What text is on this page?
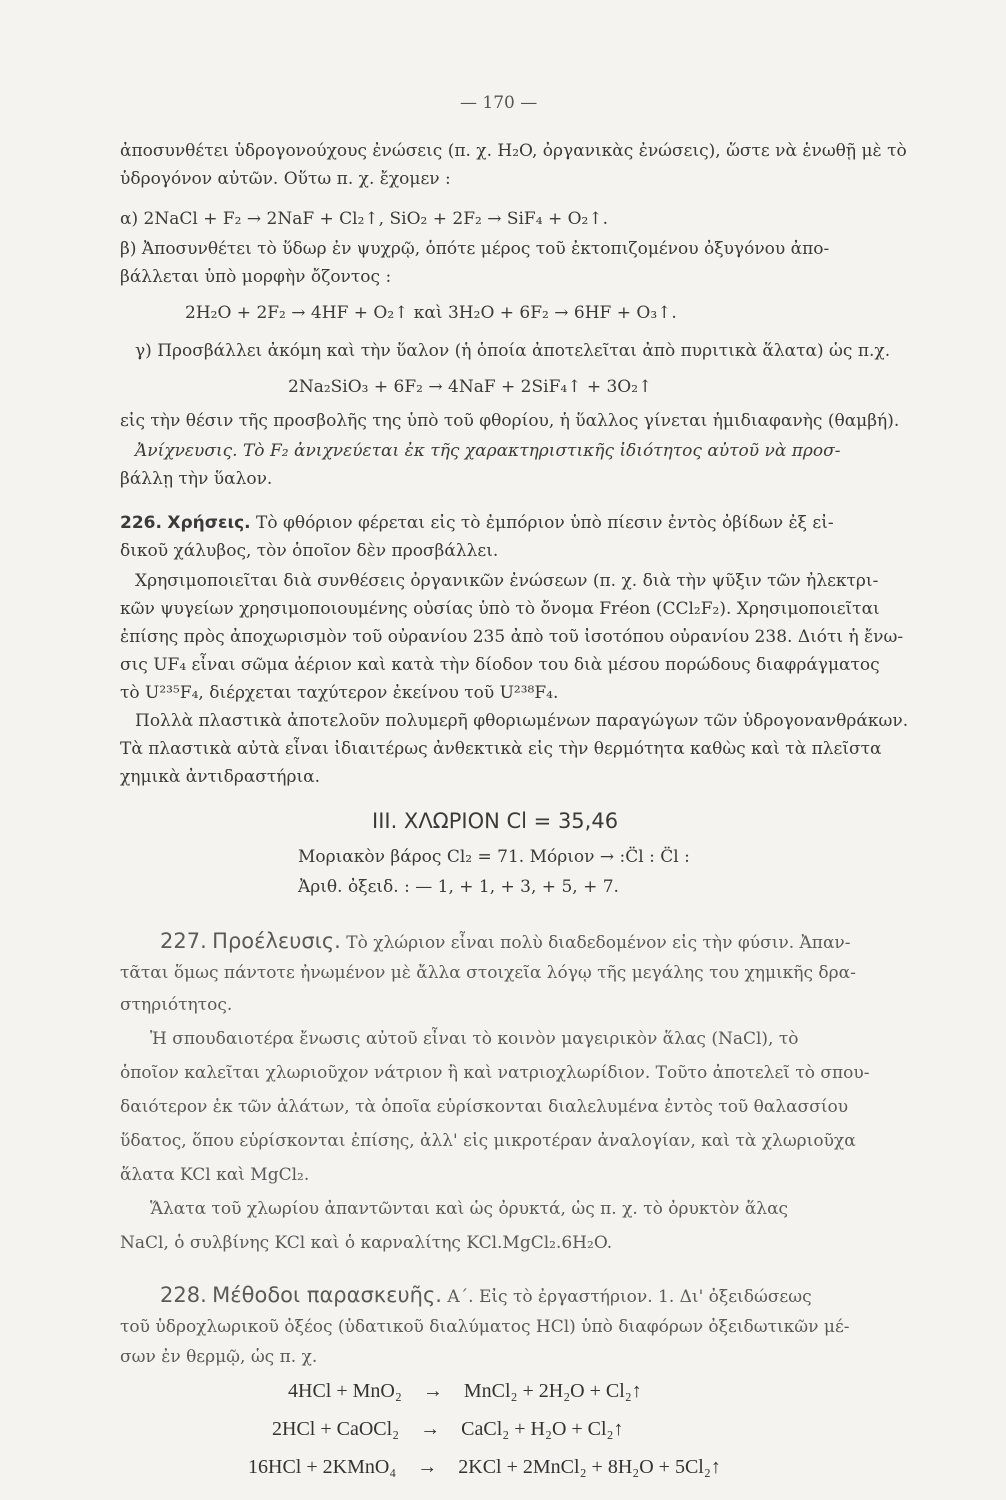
— 170 —
ἀποσυνθέτει ὑδρογονούχους ἐνώσεις (π. χ. H₂O, ὀργανικὰς ἐνώσεις), ὥστε νὰ ἑνωθῇ μὲ τὸ
ὑδρογόνον αὐτῶν. Οὕτω π. χ. ἔχομεν :
α) 2NaCl + F₂ → 2NaF + Cl₂↑, SiO₂ + 2F₂ → SiF₄ + O₂↑.
β) Ἀποσυνθέτει τὸ ὕδωρ ἐν ψυχρῷ, ὁπότε μέρος τοῦ ἐκτοπιζομένου ὀξυγόνου ἀπο-
βάλλεται ὑπὸ μορφὴν ὄζοντος :
2H₂O + 2F₂ → 4HF + O₂↑ καὶ 3H₂O + 6F₂ → 6HF + O₃↑.
γ) Προσβάλλει ἀκόμη καὶ τὴν ὕαλον (ἡ ὁποία ἀποτελεῖται ἀπὸ πυριτικὰ ἅλατα) ὡς π.χ.
2Na₂SiO₃ + 6F₂ → 4NaF + 2SiF₄↑ + 3O₂↑
εἰς τὴν θέσιν τῆς προσβολῆς της ὑπὸ τοῦ φθορίου, ἡ ὕαλλος γίνεται ἡμιδιαφανὴς (θαμβή).
Ἀνίχνευσις. Τὸ F₂ ἀνιχνεύεται ἐκ τῆς χαρακτηριστικῆς ἰδιότητος αὐτοῦ νὰ προσ-
βάλλῃ τὴν ὕαλον.
226. Χρήσεις. Τὸ φθόριον φέρεται εἰς τὸ ἐμπόριον ὑπὸ πίεσιν ἐντὸς ὀβίδων ἐξ εἰ-
δικοῦ χάλυβος, τὸν ὁποῖον δὲν προσβάλλει.
Χρησιμοποιεῖται διὰ συνθέσεις ὀργανικῶν ἐνώσεων (π. χ. διὰ τὴν ψῦξιν τῶν ἠλεκτρι-
κῶν ψυγείων χρησιμοποιουμένης οὐσίας ὑπὸ τὸ ὄνομα Fréon (CCl₂F₂). Χρησιμοποιεῖται
ἐπίσης πρὸς ἀποχωρισμὸν τοῦ οὐρανίου 235 ἀπὸ τοῦ ἰσοτόπου οὐρανίου 238. Διότι ἡ ἔνω-
σις UF₄ εἶναι σῶμα ἀέριον καὶ κατὰ τὴν δίοδον του διὰ μέσου πορώδους διαφράγματος
τὸ U²³⁵F₄, διέρχεται ταχύτερον ἐκείνου τοῦ U²³⁸F₄.
Πολλὰ πλαστικὰ ἀποτελοῦν πολυμερῆ φθοριωμένων παραγώγων τῶν ὑδρογονανθράκων.
Τὰ πλαστικὰ αὐτὰ εἶναι ἰδιαιτέρως ἀνθεκτικὰ εἰς τὴν θερμότητα καθὼς καὶ τὰ πλεῖστα
χημικὰ ἀντιδραστήρια.
III. ΧΛΩΡΙΟΝ Cl = 35,46
Μοριακὸν βάρος Cl₂ = 71. Μόριον → :C̈l : C̈l :
Ἀριθ. ὀξειδ. : — 1, + 1, + 3, + 5, + 7.
227. Προέλευσις. Τὸ χλώριον εἶναι πολὺ διαδεδομένον εἰς τὴν φύσιν. Ἀπαν-
τᾶται ὅμως πάντοτε ἠνωμένον μὲ ἄλλα στοιχεῖα λόγῳ τῆς μεγάλης του χημικῆς δρα-
στηριότητος.
Ἡ σπουδαιοτέρα ἔνωσις αὐτοῦ εἶναι τὸ κοινὸν μαγειρικὸν ἅλας (NaCl), τὸ
ὁποῖον καλεῖται χλωριοῦχον νάτριον ἢ καὶ νατριοχλωρίδιον. Τοῦτο ἀποτελεῖ τὸ σπου-
δαιότερον ἐκ τῶν ἁλάτων, τὰ ὁποῖα εὑρίσκονται διαλελυμένα ἐντὸς τοῦ θαλασσίου
ὕδατος, ὅπου εὑρίσκονται ἐπίσης, ἀλλ' εἰς μικροτέραν ἀναλογίαν, καὶ τὰ χλωριοῦχα
ἅλατα KCl καὶ MgCl₂.
Ἅλατα τοῦ χλωρίου ἀπαντῶνται καὶ ὡς ὀρυκτά, ὡς π. χ. τὸ ὀρυκτὸν ἅλας
NaCl, ὁ συλβίνης KCl καὶ ὁ καρναλίτης KCl.MgCl₂.6H₂O.
228. Μέθοδοι παρασκευῆς. Α΄. Εἰς τὸ ἐργαστήριον. 1. Δι' ὀξειδώσεως
τοῦ ὑδροχλωρικοῦ ὀξέος (ὑδατικοῦ διαλύματος HCl) ὑπὸ διαφόρων ὀξειδωτικῶν μέ-
σων ἐν θερμῷ, ὡς π. χ.
4HCl + MnO₂ → MnCl₂ + 2H₂O + Cl₂↑
2HCl + CaOCl₂ → CaCl₂ + H₂O + Cl₂↑
16HCl + 2KMnO₄ → 2KCl + 2MnCl₂ + 8H₂O + 5Cl₂↑
